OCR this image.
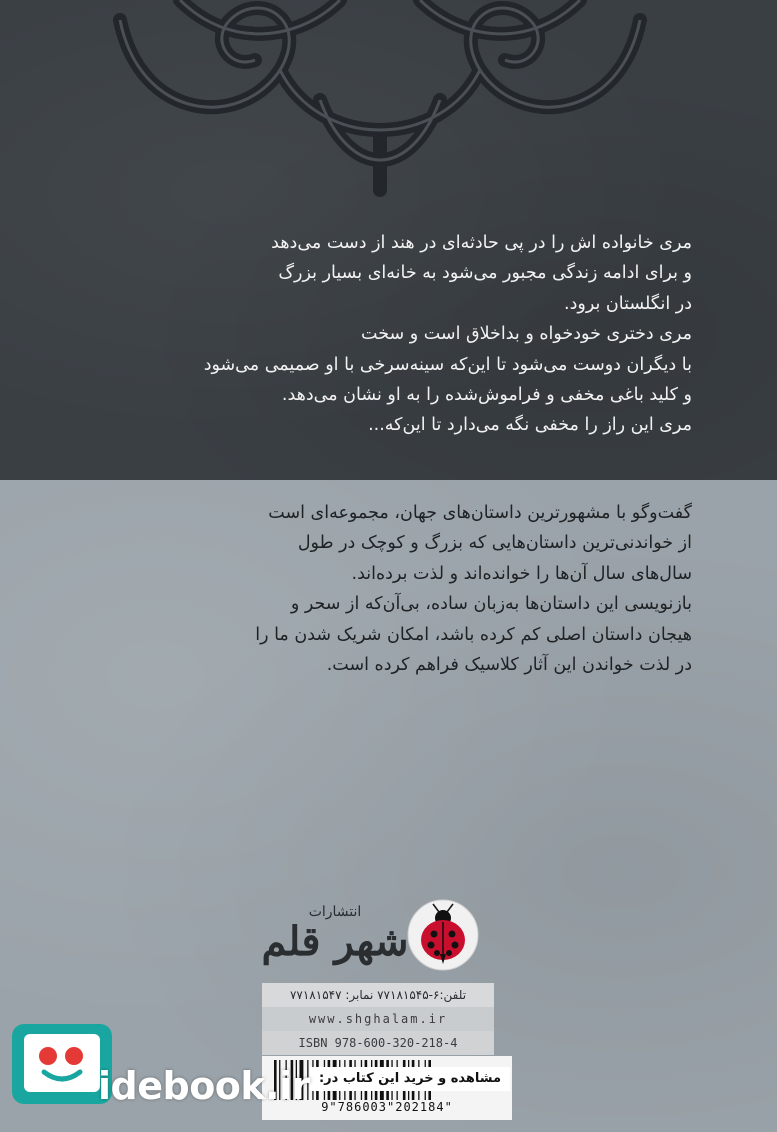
مری خانواده اش را در پی حادثه‌ای در هند از دست می‌دهد

و برای ادامه زندگی مجبور می‌شود به خانه‌ای بسیار بزرگ

در انگلستان برود.

مری دختری خودخواه و بداخلاق است و سخت

با دیگران دوست می‌شود تا این‌که سینه‌سرخی با او صمیمی می‌شود

و کلید باغی مخفی و فراموش‌شده را به او نشان می‌دهد.

مری این راز را مخفی نگه می‌دارد تا این‌که...

گفت‌وگو با مشهورترین داستان‌های جهان، مجموعه‌ای است

از خواندنی‌ترین داستان‌هایی که بزرگ و کوچک در طول

سال‌های سال آن‌ها را خوانده‌اند و لذت برده‌اند.

بازنویسی این داستان‌ها به‌زبان ساده، بی‌آن‌که از سحر و

هیجان داستان اصلی کم کرده باشد، امکان شریک شدن ما را

در لذت خواندن این آثار کلاسیک فراهم کرده است.

انتشارات
شهر قلم
تلفن:۶-۷۷۱۸۱۵۴۵ نمابر: ۷۷۱۸۱۵۴۷
www.shghalam.ir
ISBN 978-600-320-218-4
9"786003"202184"
مشاهده و خرید این کتاب در:
idebook.ir
